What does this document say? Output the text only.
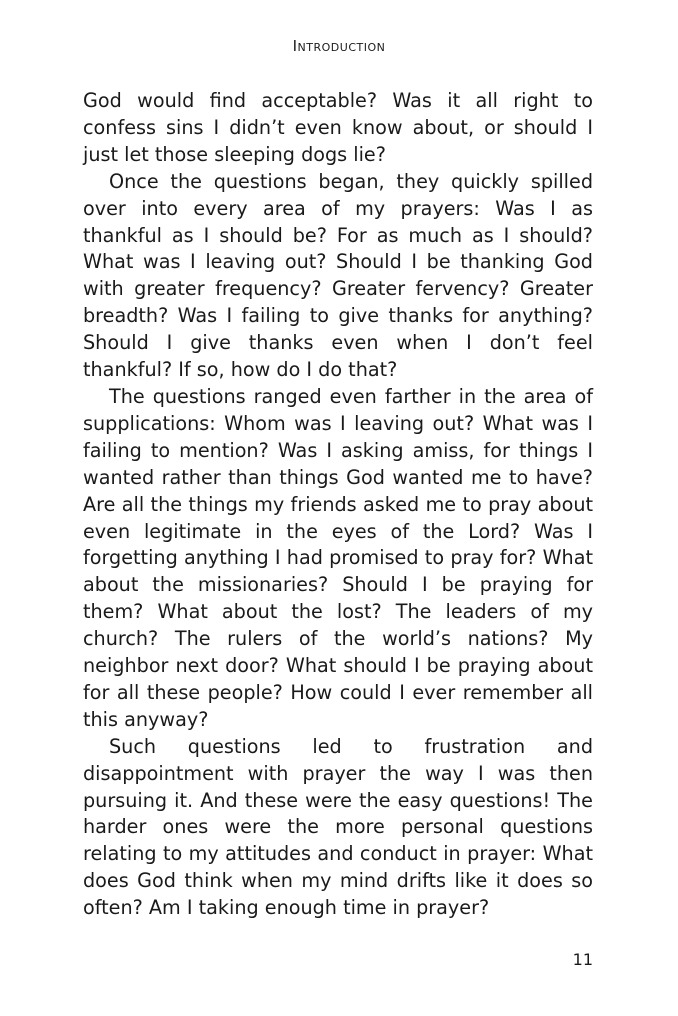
Introduction

God would find acceptable? Was it all right to confess sins I didn’t even know about, or should I just let those sleeping dogs lie?

Once the questions began, they quickly spilled over into every area of my prayers: Was I as thankful as I should be? For as much as I should? What was I leaving out? Should I be thanking God with greater frequency? Greater fervency? Greater breadth? Was I failing to give thanks for anything? Should I give thanks even when I don’t feel thankful? If so, how do I do that?

The questions ranged even farther in the area of supplications: Whom was I leaving out? What was I failing to mention? Was I asking amiss, for things I wanted rather than things God wanted me to have? Are all the things my friends asked me to pray about even legitimate in the eyes of the Lord? Was I forgetting anything I had promised to pray for? What about the missionaries? Should I be praying for them? What about the lost? The leaders of my church? The rulers of the world’s nations? My neighbor next door? What should I be praying about for all these people? How could I ever remember all this anyway?

Such questions led to frustration and disappointment with prayer the way I was then pursuing it. And these were the easy questions! The harder ones were the more personal questions relating to my attitudes and conduct in prayer: What does God think when my mind drifts like it does so often? Am I taking enough time in prayer?

11
